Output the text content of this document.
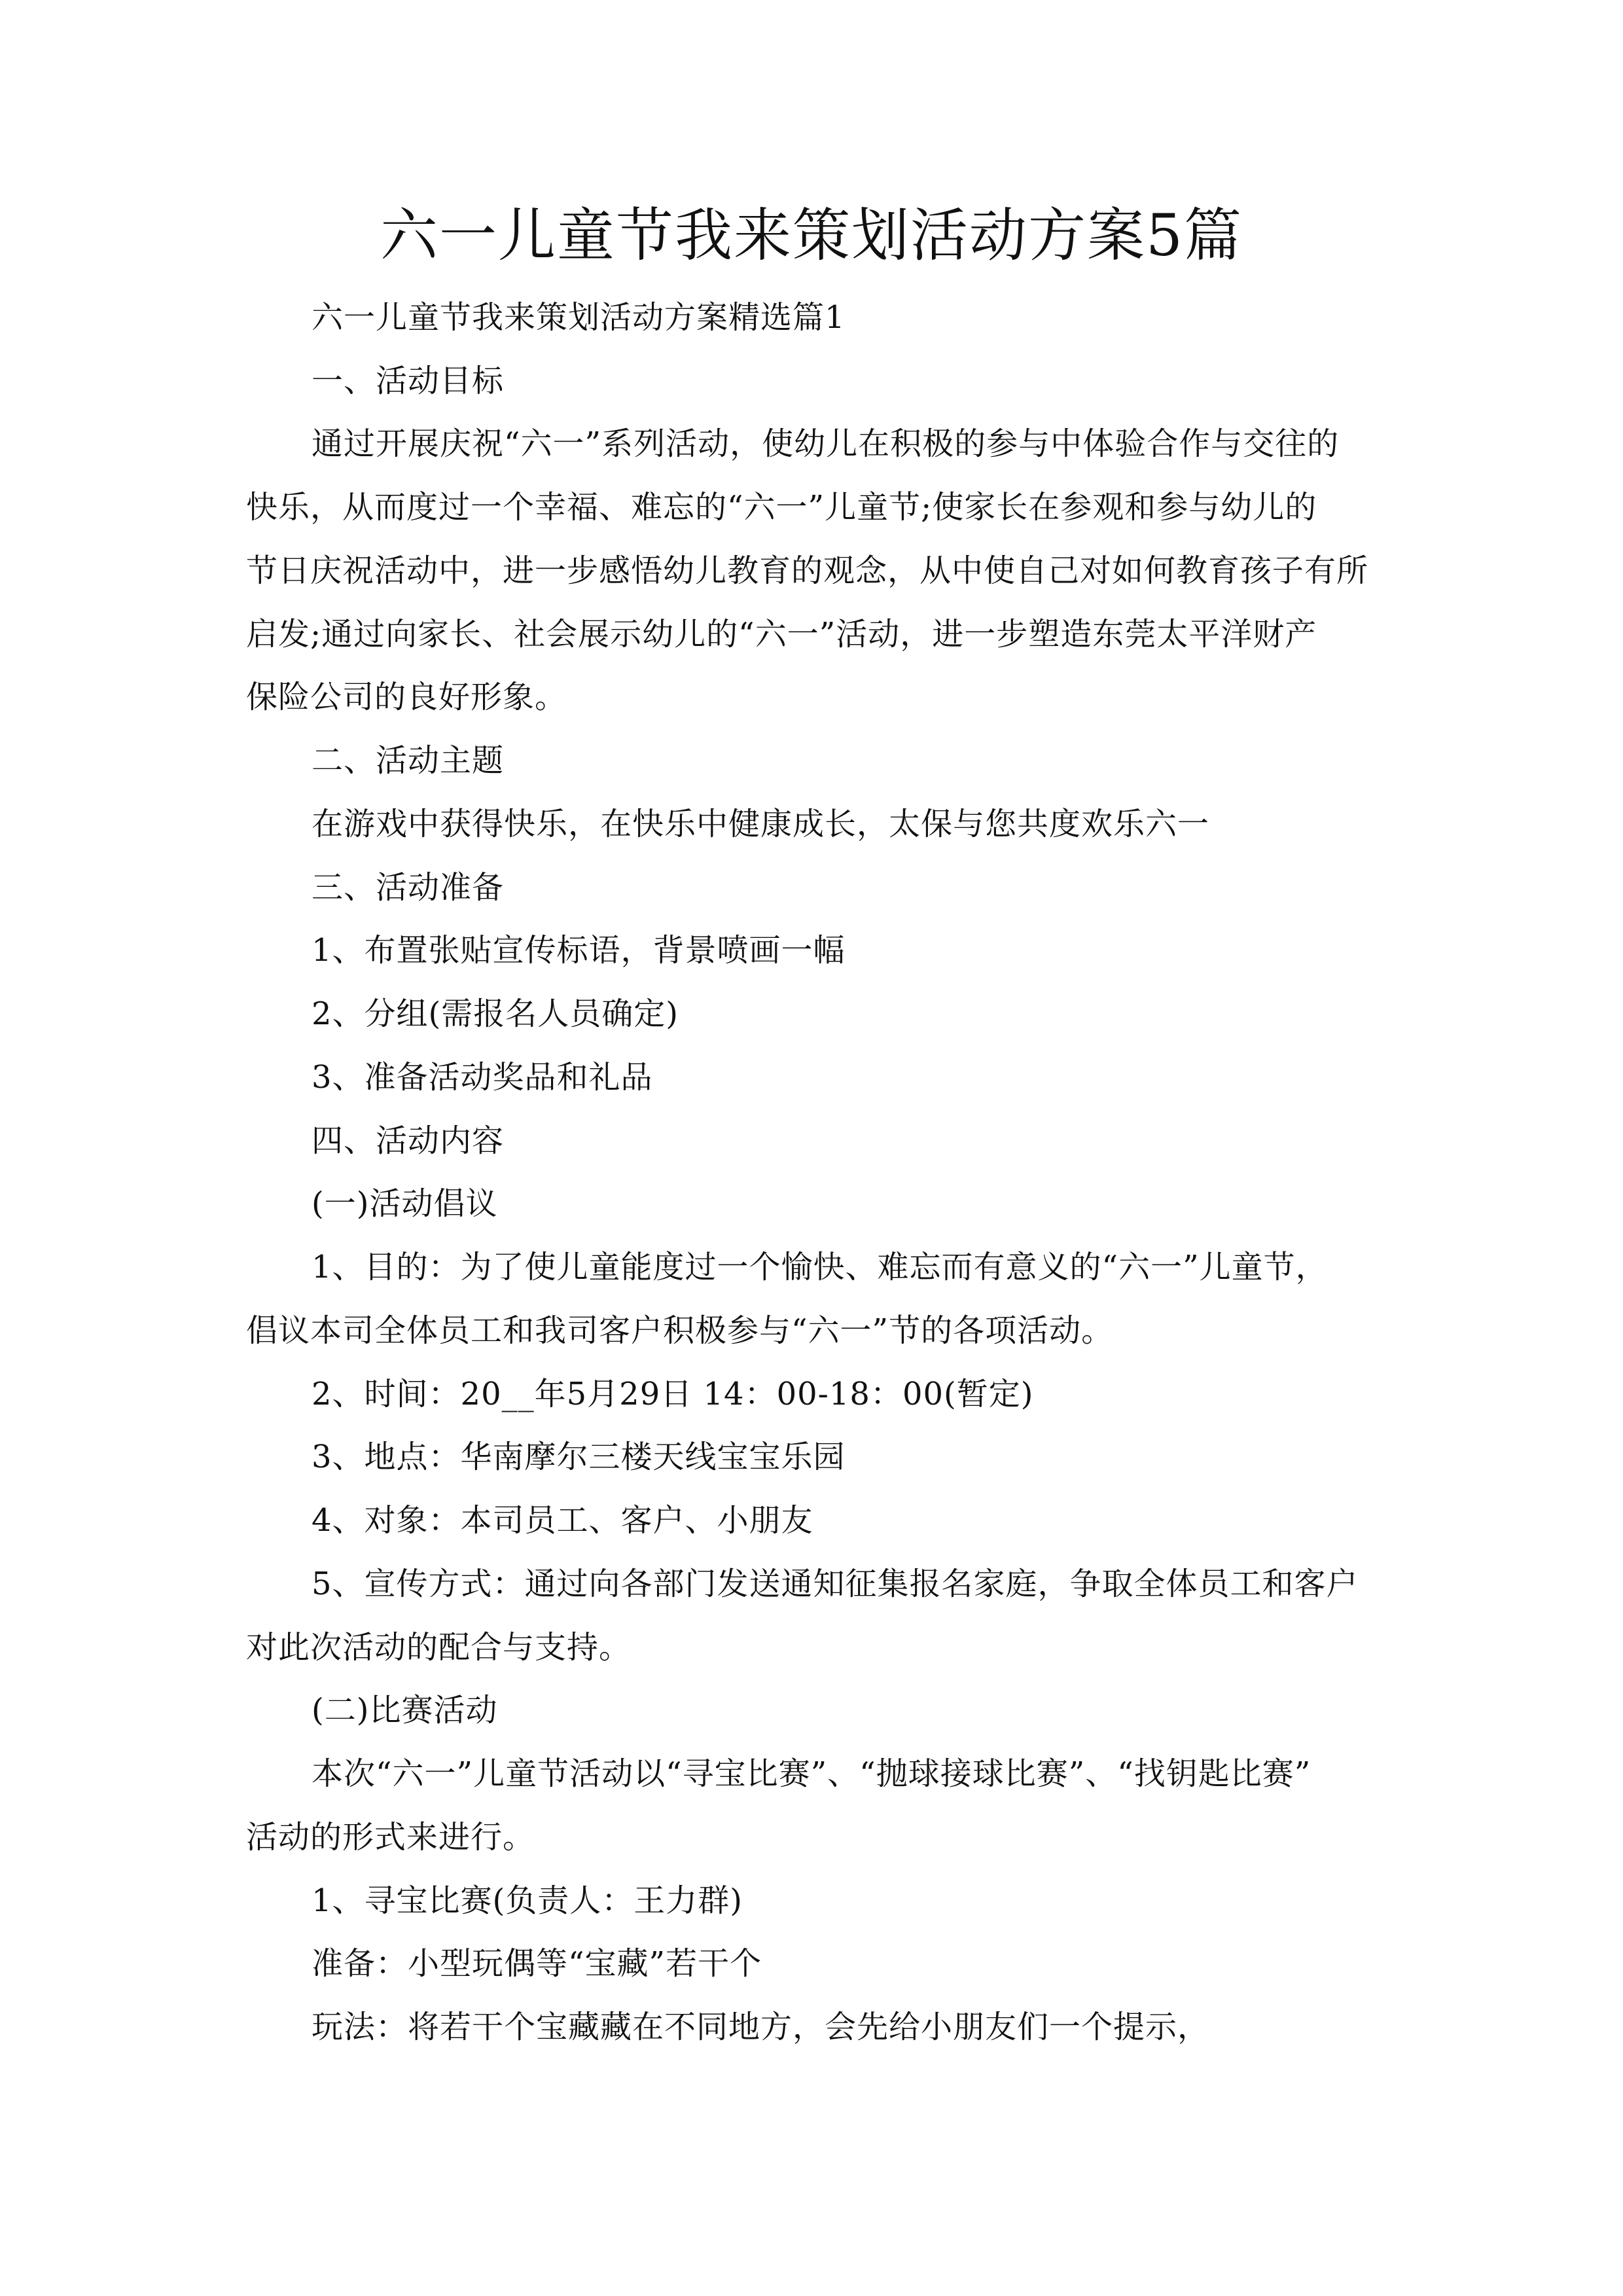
六一儿童节我来策划活动方案5篇
六一儿童节我来策划活动方案精选篇1
一、活动目标
通过开展庆祝“六一”系列活动，使幼儿在积极的参与中体验合作与交往的
快乐，从而度过一个幸福、难忘的“六一”儿童节;使家长在参观和参与幼儿的
节日庆祝活动中，进一步感悟幼儿教育的观念，从中使自己对如何教育孩子有所
启发;通过向家长、社会展示幼儿的“六一”活动，进一步塑造东莞太平洋财产
保险公司的良好形象。
二、活动主题
在游戏中获得快乐，在快乐中健康成长，太保与您共度欢乐六一
三、活动准备
1、布置张贴宣传标语，背景喷画一幅
2、分组(需报名人员确定)
3、准备活动奖品和礼品
四、活动内容
(一)活动倡议
1、目的：为了使儿童能度过一个愉快、难忘而有意义的“六一”儿童节，
倡议本司全体员工和我司客户积极参与“六一”节的各项活动。
2、时间：20__年5月29日 14：00-18：00(暂定)
3、地点：华南摩尔三楼天线宝宝乐园
4、对象：本司员工、客户、小朋友
5、宣传方式：通过向各部门发送通知征集报名家庭，争取全体员工和客户
对此次活动的配合与支持。
(二)比赛活动
本次“六一”儿童节活动以“寻宝比赛”、“抛球接球比赛”、“找钥匙比赛”
活动的形式来进行。
1、寻宝比赛(负责人：王力群)
准备：小型玩偶等“宝藏”若干个
玩法：将若干个宝藏藏在不同地方，会先给小朋友们一个提示，
